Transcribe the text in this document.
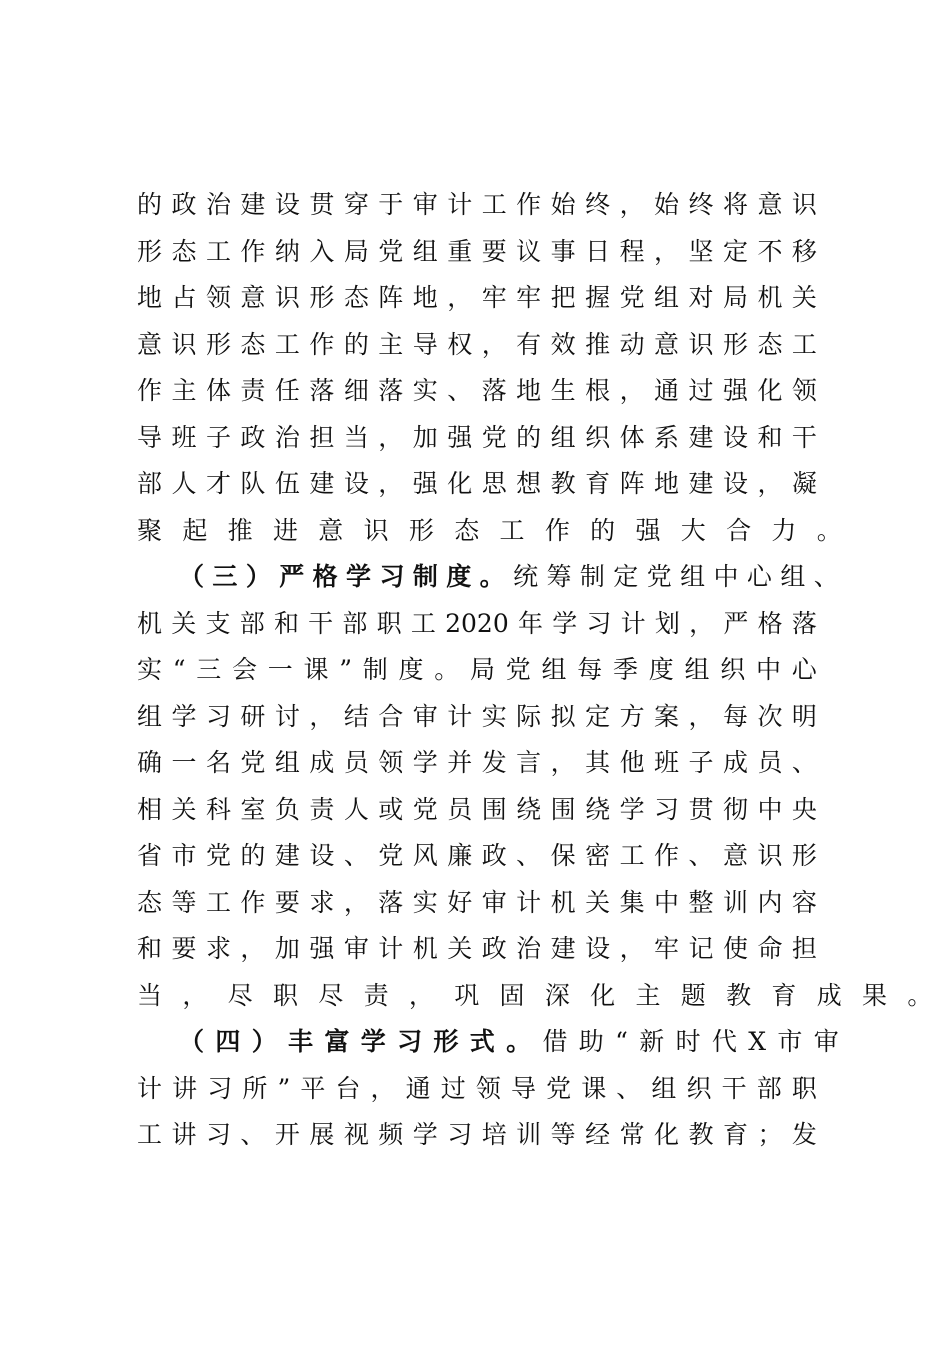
的 政 治 建 设 贯 穿 于 审 计 工 作 始 终 ， 始 终 将 意 识
形 态 工 作 纳 入 局 党 组 重 要 议 事 日 程 ， 坚 定 不 移
地 占 领 意 识 形 态 阵 地 ， 牢 牢 把 握 党 组 对 局 机 关
意 识 形 态 工 作 的 主 导 权 ， 有 效 推 动 意 识 形 态 工
作 主 体 责 任 落 细 落 实 、 落 地 生 根 ， 通 过 强 化 领
导 班 子 政 治 担 当 ， 加 强 党 的 组 织 体 系 建 设 和 干
部 人 才 队 伍 建 设 ， 强 化 思 想 教 育 阵 地 建 设 ， 凝
聚 起 推 进 意 识 形 态 工 作 的 强 大 合 力 。
（ 三 ） 严 格 学 习 制 度 。 统 筹 制 定 党 组 中 心 组 、
机 关 支 部 和 干 部 职 工 2020 年 学 习 计 划 ， 严 格 落
实 “ 三 会 一 课 ” 制 度 。 局 党 组 每 季 度 组 织 中 心
组 学 习 研 讨 ， 结 合 审 计 实 际 拟 定 方 案 ， 每 次 明
确 一 名 党 组 成 员 领 学 并 发 言 ， 其 他 班 子 成 员 、
相 关 科 室 负 责 人 或 党 员 围 绕 围 绕 学 习 贯 彻 中 央
省 市 党 的 建 设 、 党 风 廉 政 、 保 密 工 作 、 意 识 形
态 等 工 作 要 求 ， 落 实 好 审 计 机 关 集 中 整 训 内 容
和 要 求 ， 加 强 审 计 机 关 政 治 建 设 ， 牢 记 使 命 担
当 ， 尽 职 尽 责 ， 巩 固 深 化 主 题 教 育 成 果 。
（ 四 ） 丰 富 学 习 形 式 。 借 助 “ 新 时 代 X 市 审
计 讲 习 所 ” 平 台 ， 通 过 领 导 党 课 、 组 织 干 部 职
工 讲 习 、 开 展 视 频 学 习 培 训 等 经 常 化 教 育 ； 发
